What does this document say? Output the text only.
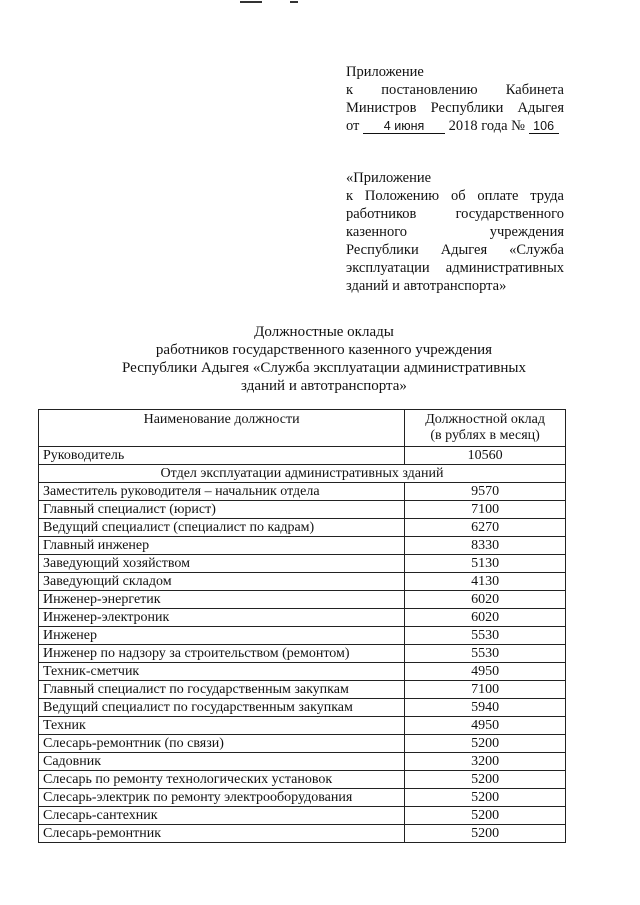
Приложение
к постановлению Кабинета
Министров Республики Адыгея
от 4 июня 2018 года № 106
«Приложение
к Положению об оплате труда
работников государственного
казенного учреждения
Республики Адыгея «Служба
эксплуатации административных
зданий и автотранспорта»
Должностные оклады
работников государственного казенного учреждения
Республики Адыгея «Служба эксплуатации административных
зданий и автотранспорта»
Наименование должности	Должностной оклад
(в рублях в месяц)

Руководитель	10560
Отдел эксплуатации административных зданий	
Заместитель руководителя – начальник отдела	9570
Главный специалист (юрист)	7100
Ведущий специалист (специалист по кадрам)	6270
Главный инженер	8330
Заведующий хозяйством	5130
Заведующий складом	4130
Инженер-энергетик	6020
Инженер-электроник	6020
Инженер	5530
Инженер по надзору за строительством (ремонтом)	5530
Техник-сметчик	4950
Главный специалист по государственным закупкам	7100
Ведущий специалист по государственным закупкам	5940
Техник	4950
Слесарь-ремонтник (по связи)	5200
Садовник	3200
Слесарь по ремонту технологических установок	5200
Слесарь-электрик по ремонту электрооборудования	5200
Слесарь-сантехник	5200
Слесарь-ремонтник	5200
